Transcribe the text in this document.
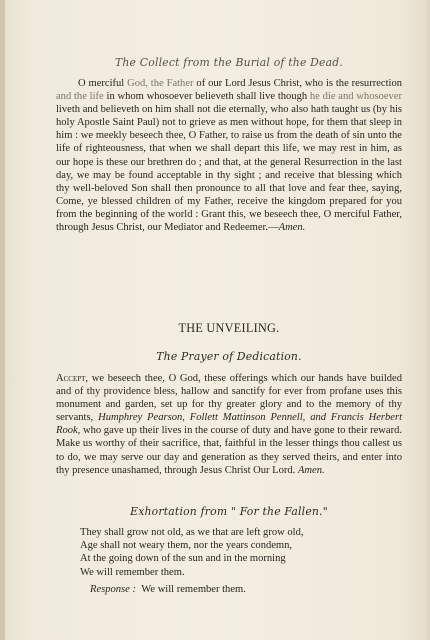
The Collect from the Burial of the Dead.

O merciful God, the Father of our Lord Jesus Christ, who is the resurrection and the life in whom whosoever believeth shall live though he die and whosoever liveth and believeth on him shall not die eternally, who also hath taught us (by his holy Apostle Saint Paul) not to grieve as men without hope, for them that sleep in him : we meekly beseech thee, O Father, to raise us from the death of sin unto the life of righteousness, that when we shall depart this life, we may rest in him, as our hope is these our brethren do ; and that, at the general Resurrection in the last day, we may be found acceptable in thy sight ; and receive that blessing which thy well-beloved Son shall then pronounce to all that love and fear thee, saying, Come, ye blessed children of my Father, receive the kingdom prepared for you from the beginning of the world : Grant this, we beseech thee, O merciful Father, through Jesus Christ, our Mediator and Redeemer.—Amen.

THE UNVEILING.

The Prayer of Dedication.

Accept, we beseech thee, O God, these offerings which our hands have builded and of thy providence bless, hallow and sanctify for ever from profane uses this monument and garden, set up for thy greater glory and to the memory of thy servants, Humphrey Pearson, Follett Mattinson Pennell, and Francis Herbert Rook, who gave up their lives in the course of duty and have gone to their reward. Make us worthy of their sacrifice, that, faithful in the lesser things thou callest us to do, we may serve our day and generation as they served theirs, and enter into thy presence unashamed, through Jesus Christ Our Lord. Amen.

Exhortation from " For the Fallen."

They shall grow not old, as we that are left grow old,
Age shall not weary them, nor the years condemn,
At the going down of the sun and in the morning
We will remember them.
Response : We will remember them.
